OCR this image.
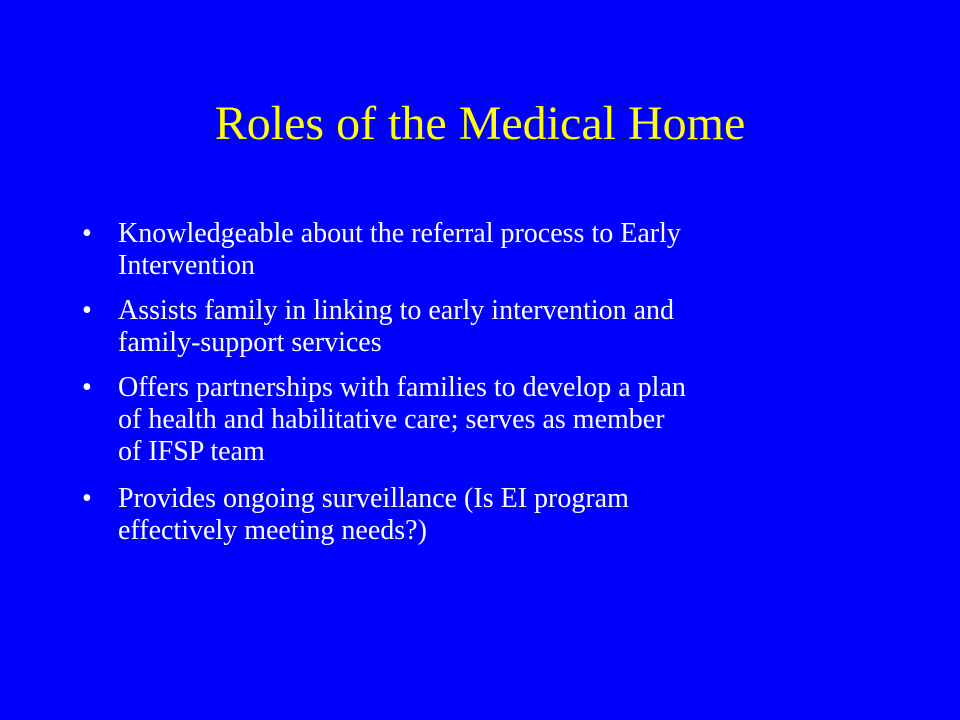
Roles of the Medical Home
• Knowledgeable about the referral process to Early
Intervention
• Assists family in linking to early intervention and
family-support services
• Offers partnerships with families to develop a plan
of health and habilitative care; serves as member
of IFSP team
• Provides ongoing surveillance (Is EI program
effectively meeting needs?)
